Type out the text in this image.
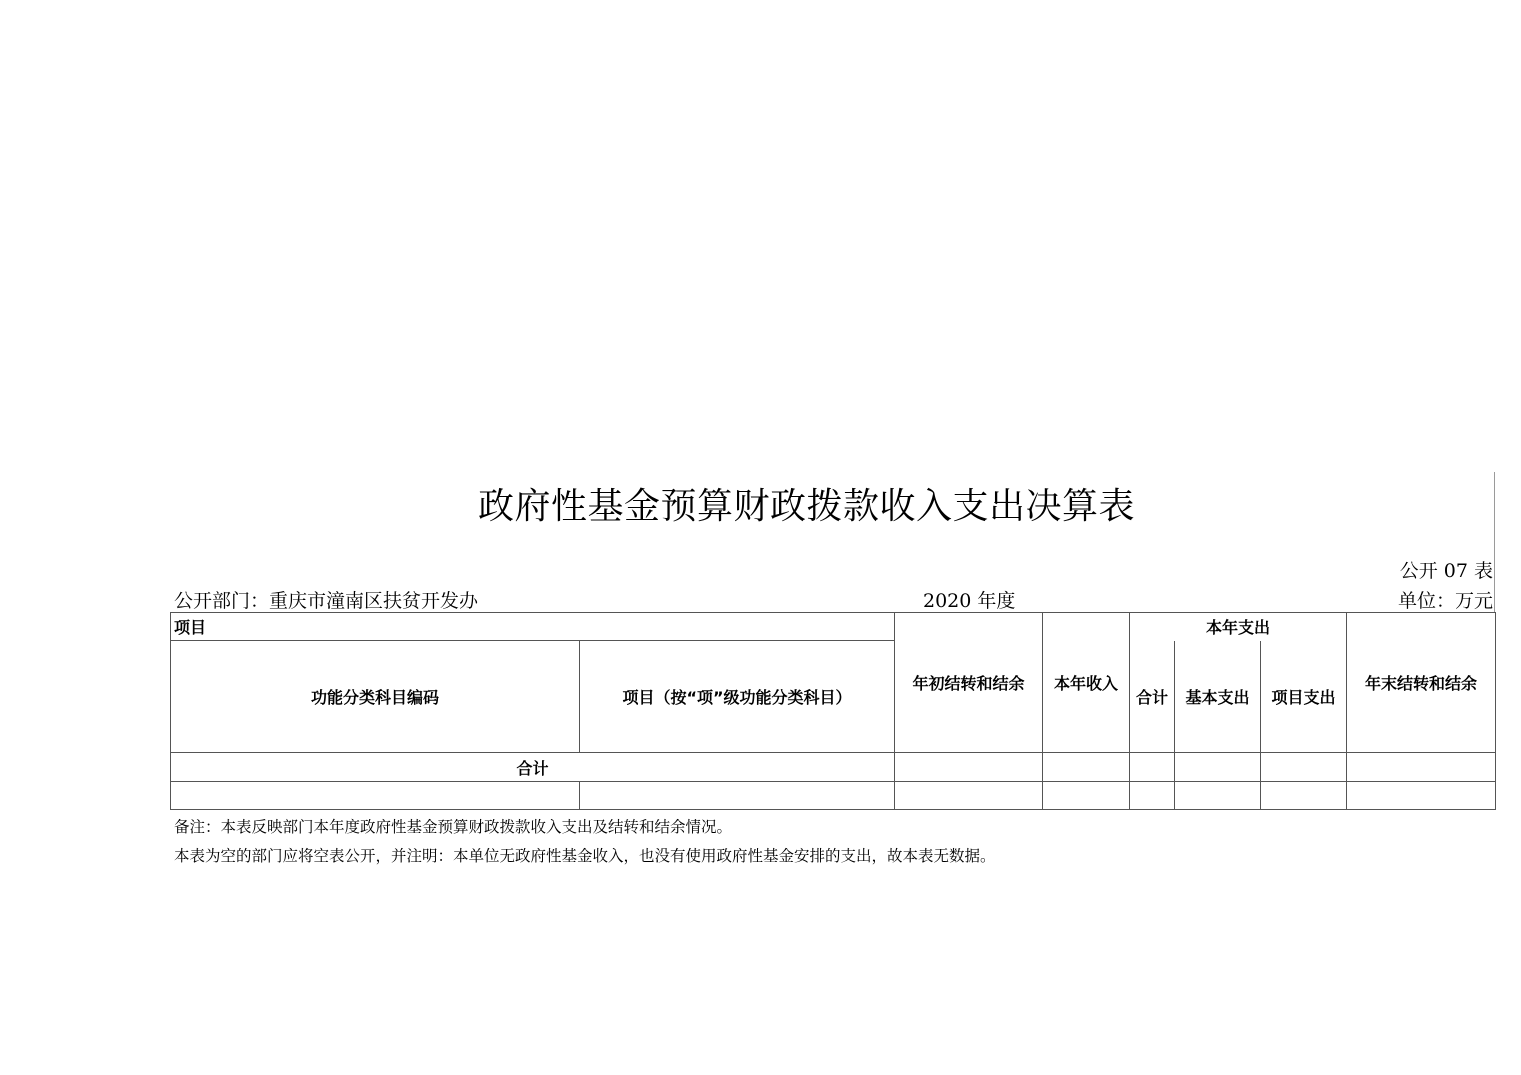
政府性基金预算财政拨款收入支出决算表
公开 07 表
公开部门：重庆市潼南区扶贫开发办	2020 年度	单位：万元
项目		年初结转和结余	本年收入	本年支出			年末结转和结余
功能分类科目编码	项目（按“项”级功能分类科目）			合计	基本支出	项目支出	
合计							

备注：本表反映部门本年度政府性基金预算财政拨款收入支出及结转和结余情况。
本表为空的部门应将空表公开，并注明：本单位无政府性基金收入，也没有使用政府性基金安排的支出，故本表无数据。
